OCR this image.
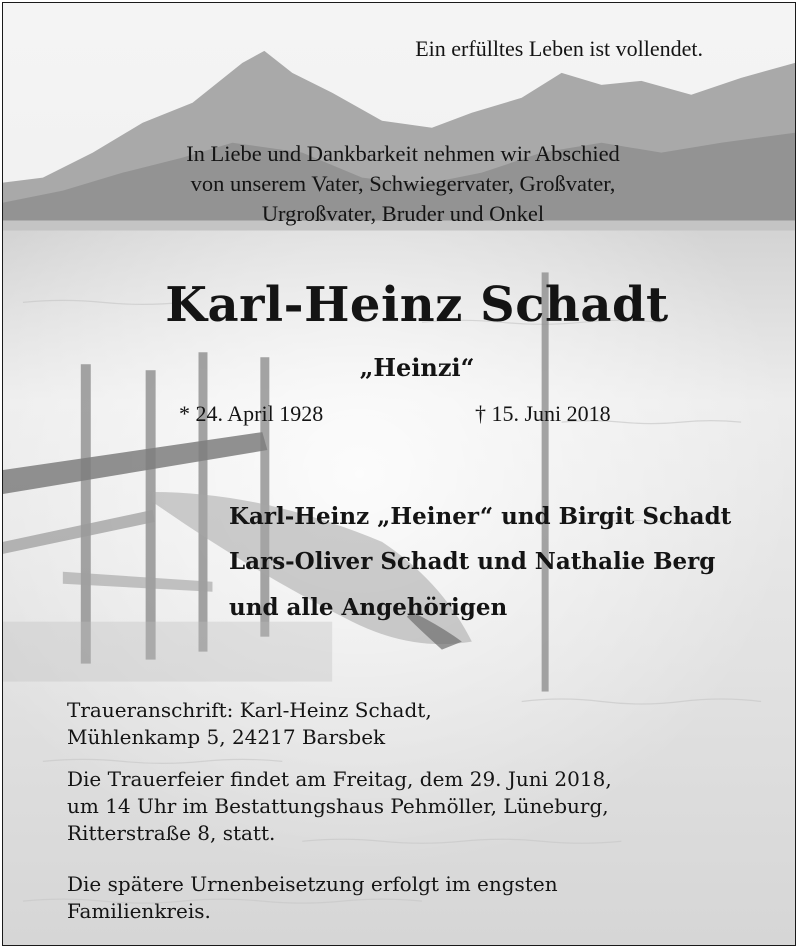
Ein erfülltes Leben ist vollendet.
In Liebe und Dankbarkeit nehmen wir Abschied
von unserem Vater, Schwiegervater, Großvater,
Urgroßvater, Bruder und Onkel
Karl-Heinz Schadt
„Heinzi“
* 24. April 1928	† 15. Juni 2018
Karl-Heinz „Heiner“ und Birgit Schadt
Lars-Oliver Schadt und Nathalie Berg
und alle Angehörigen
Traueranschrift: Karl-Heinz Schadt,
Mühlenkamp 5, 24217 Barsbek
Die Trauerfeier findet am Freitag, dem 29. Juni 2018,
um 14 Uhr im Bestattungshaus Pehmöller, Lüneburg,
Ritterstraße 8, statt.
Die spätere Urnenbeisetzung erfolgt im engsten
Familienkreis.
